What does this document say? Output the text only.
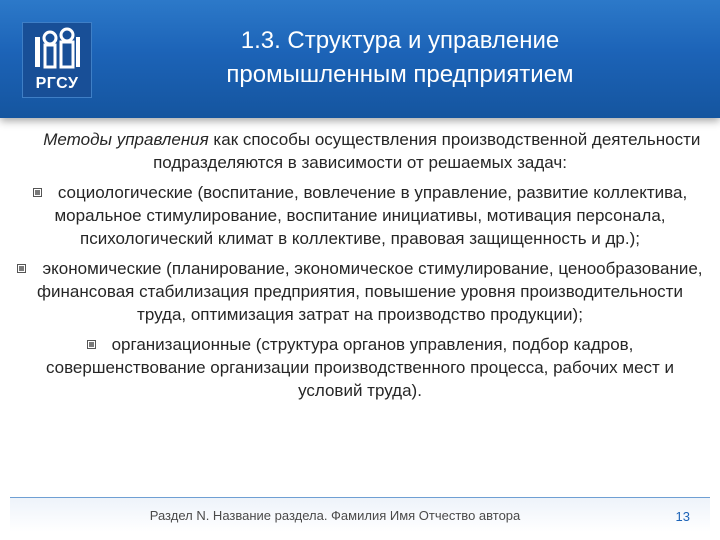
РГСУ
1.3. Структура и управление
промышленным предприятием

Методы управления как способы осуществления производственной деятельности подразделяются в зависимости от решаемых задач:

социологические (воспитание, вовлечение в управление, развитие коллектива, моральное стимулирование, воспитание инициативы, мотивация персонала, психологический климат в коллективе, правовая защищенность и др.);

экономические (планирование, экономическое стимулирование, ценообразование, финансовая стабилизация предприятия, повышение уровня производительности труда, оптимизация затрат на производство продукции);

организационные (структура органов управления, подбор кадров, совершенствование организации производственного процесса, рабочих мест и условий труда).

Раздел N. Название раздела. Фамилия Имя Отчество автора	13
